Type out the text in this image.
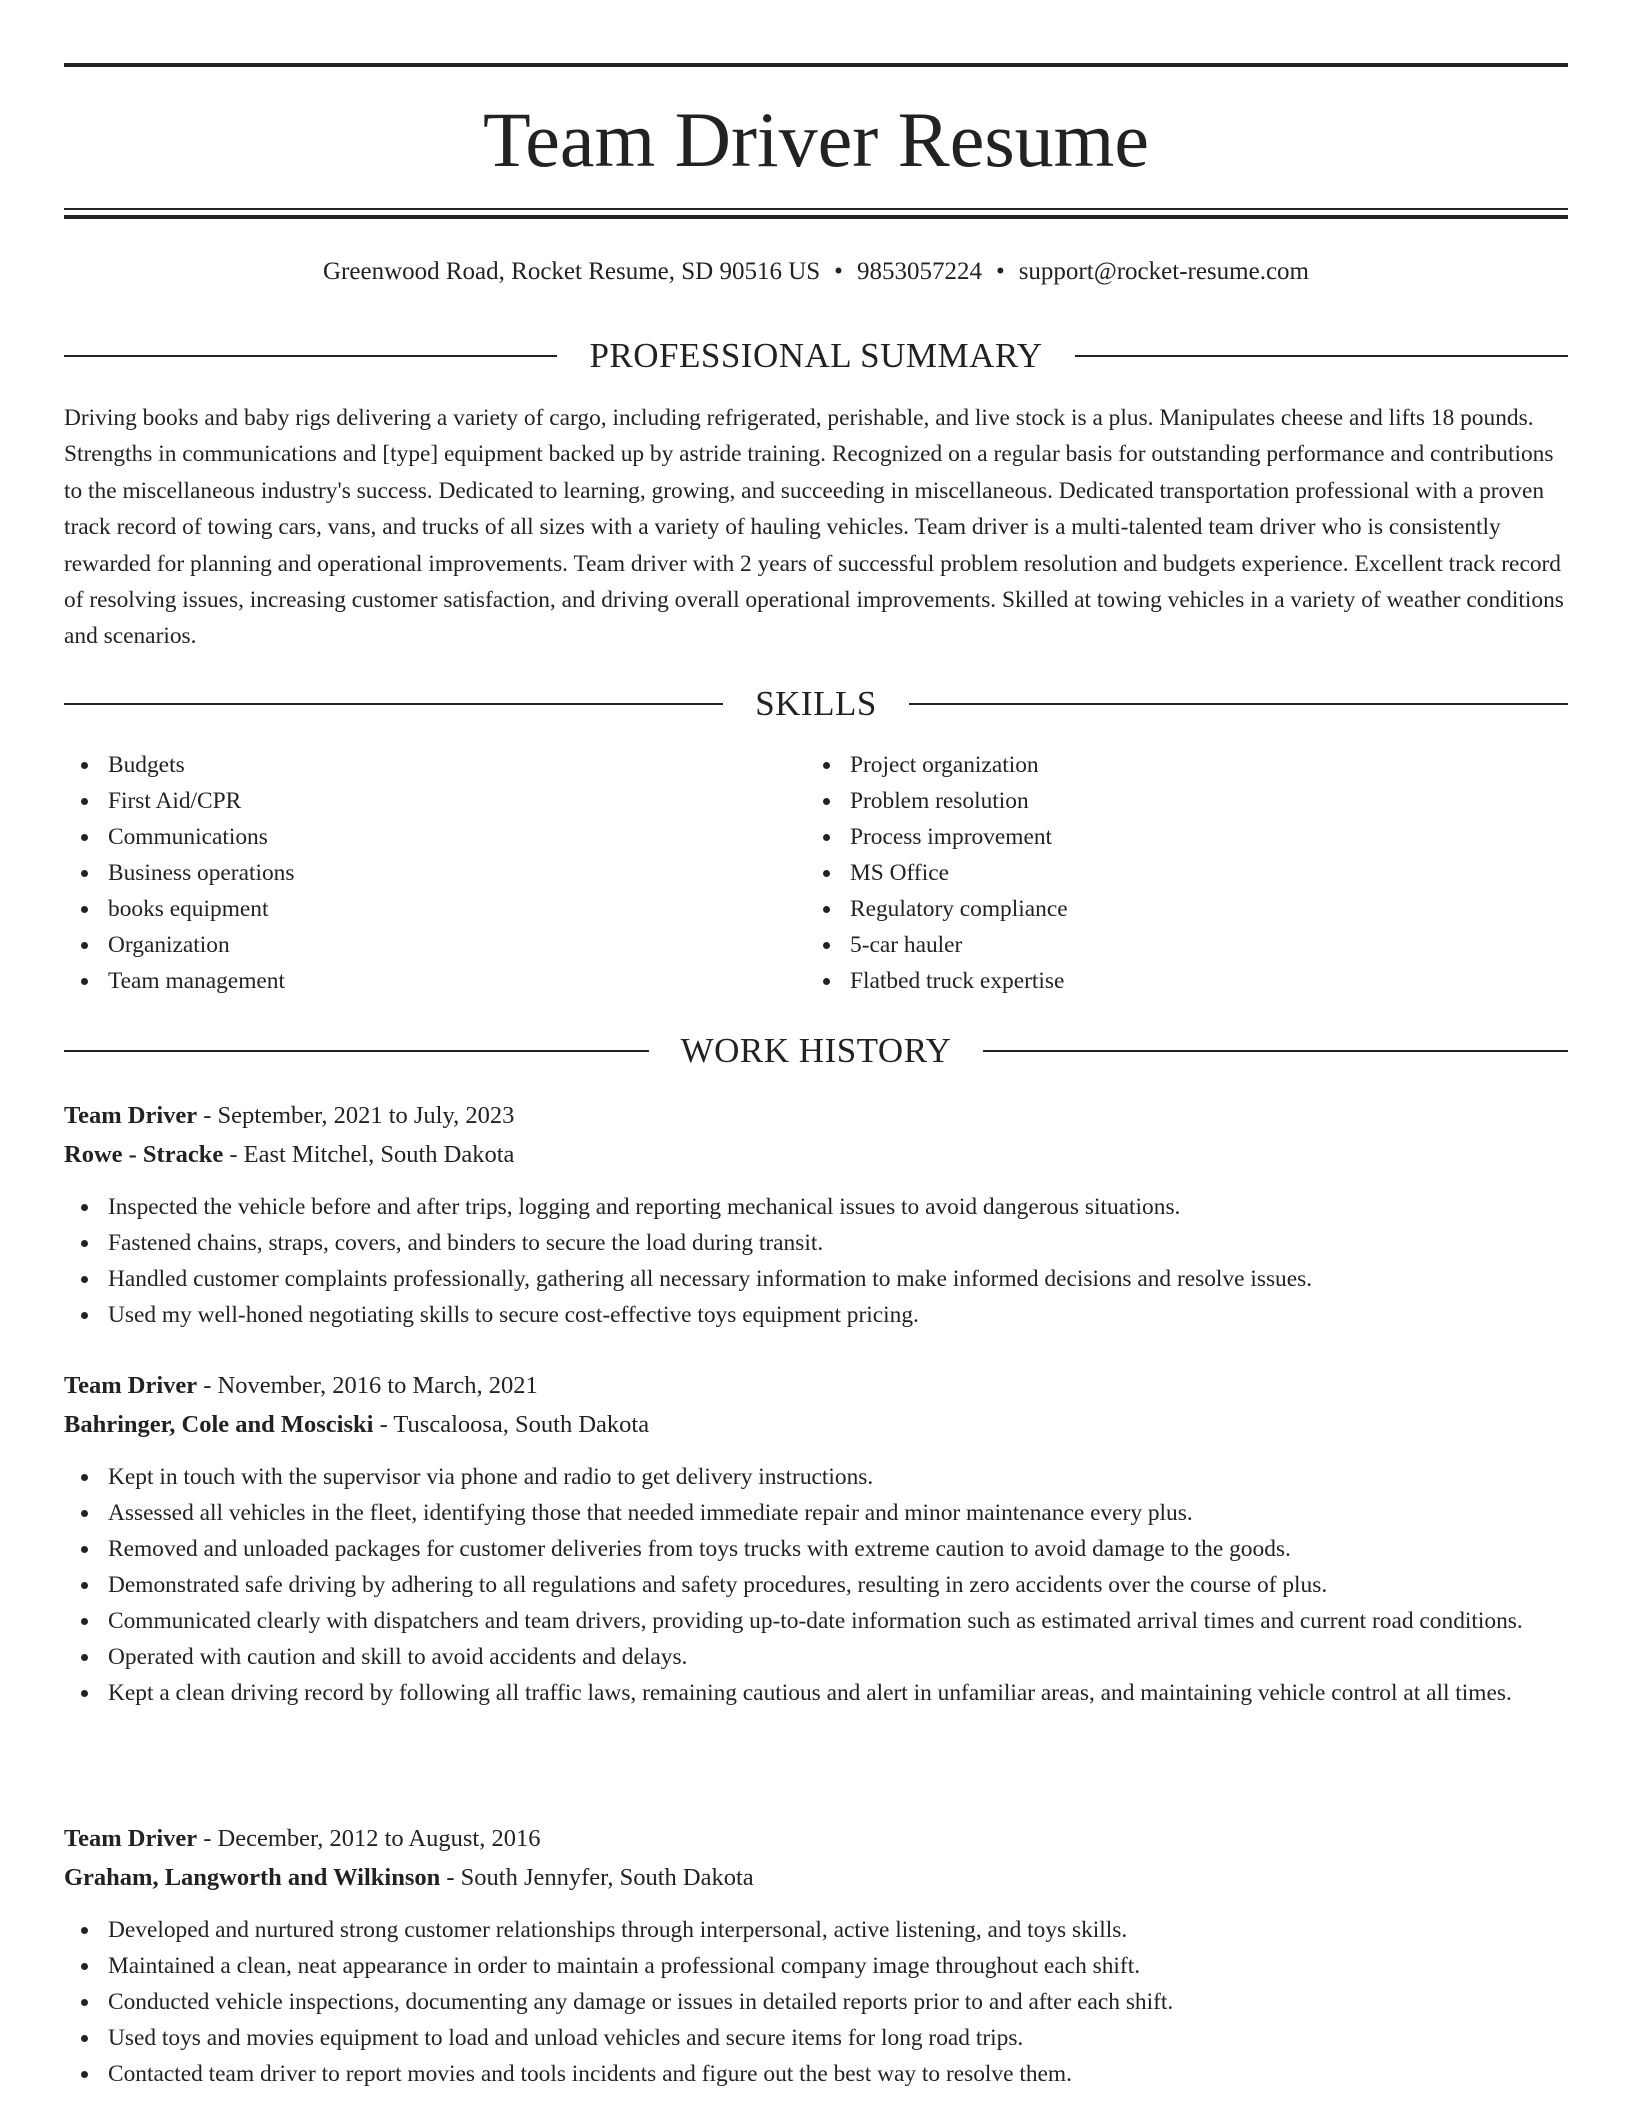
Team Driver Resume
Greenwood Road, Rocket Resume, SD 90516 US • 9853057224 • support@rocket-resume.com
PROFESSIONAL SUMMARY

Driving books and baby rigs delivering a variety of cargo, including refrigerated, perishable, and live stock is a plus. Manipulates cheese and lifts 18 pounds. Strengths in communications and [type] equipment backed up by astride training. Recognized on a regular basis for outstanding performance and contributions to the miscellaneous industry's success. Dedicated to learning, growing, and succeeding in miscellaneous. Dedicated transportation professional with a proven track record of towing cars, vans, and trucks of all sizes with a variety of hauling vehicles. Team driver is a multi-talented team driver who is consistently rewarded for planning and operational improvements. Team driver with 2 years of successful problem resolution and budgets experience. Excellent track record of resolving issues, increasing customer satisfaction, and driving overall operational improvements. Skilled at towing vehicles in a variety of weather conditions and scenarios.

SKILLS
Budgets
First Aid/CPR
Communications
Business operations
books equipment
Organization
Team management
Project organization
Problem resolution
Process improvement
MS Office
Regulatory compliance
5-car hauler
Flatbed truck expertise
WORK HISTORY
Team Driver - September, 2021 to July, 2023
Rowe - Stracke - East Mitchel, South Dakota
Inspected the vehicle before and after trips, logging and reporting mechanical issues to avoid dangerous situations.
Fastened chains, straps, covers, and binders to secure the load during transit.
Handled customer complaints professionally, gathering all necessary information to make informed decisions and resolve issues.
Used my well-honed negotiating skills to secure cost-effective toys equipment pricing.
Team Driver - November, 2016 to March, 2021
Bahringer, Cole and Mosciski - Tuscaloosa, South Dakota
Kept in touch with the supervisor via phone and radio to get delivery instructions.
Assessed all vehicles in the fleet, identifying those that needed immediate repair and minor maintenance every plus.
Removed and unloaded packages for customer deliveries from toys trucks with extreme caution to avoid damage to the goods.
Demonstrated safe driving by adhering to all regulations and safety procedures, resulting in zero accidents over the course of plus.
Communicated clearly with dispatchers and team drivers, providing up-to-date information such as estimated arrival times and current road conditions.
Operated with caution and skill to avoid accidents and delays.
Kept a clean driving record by following all traffic laws, remaining cautious and alert in unfamiliar areas, and maintaining vehicle control at all times.
Team Driver - December, 2012 to August, 2016
Graham, Langworth and Wilkinson - South Jennyfer, South Dakota
Developed and nurtured strong customer relationships through interpersonal, active listening, and toys skills.
Maintained a clean, neat appearance in order to maintain a professional company image throughout each shift.
Conducted vehicle inspections, documenting any damage or issues in detailed reports prior to and after each shift.
Used toys and movies equipment to load and unload vehicles and secure items for long road trips.
Contacted team driver to report movies and tools incidents and figure out the best way to resolve them.
